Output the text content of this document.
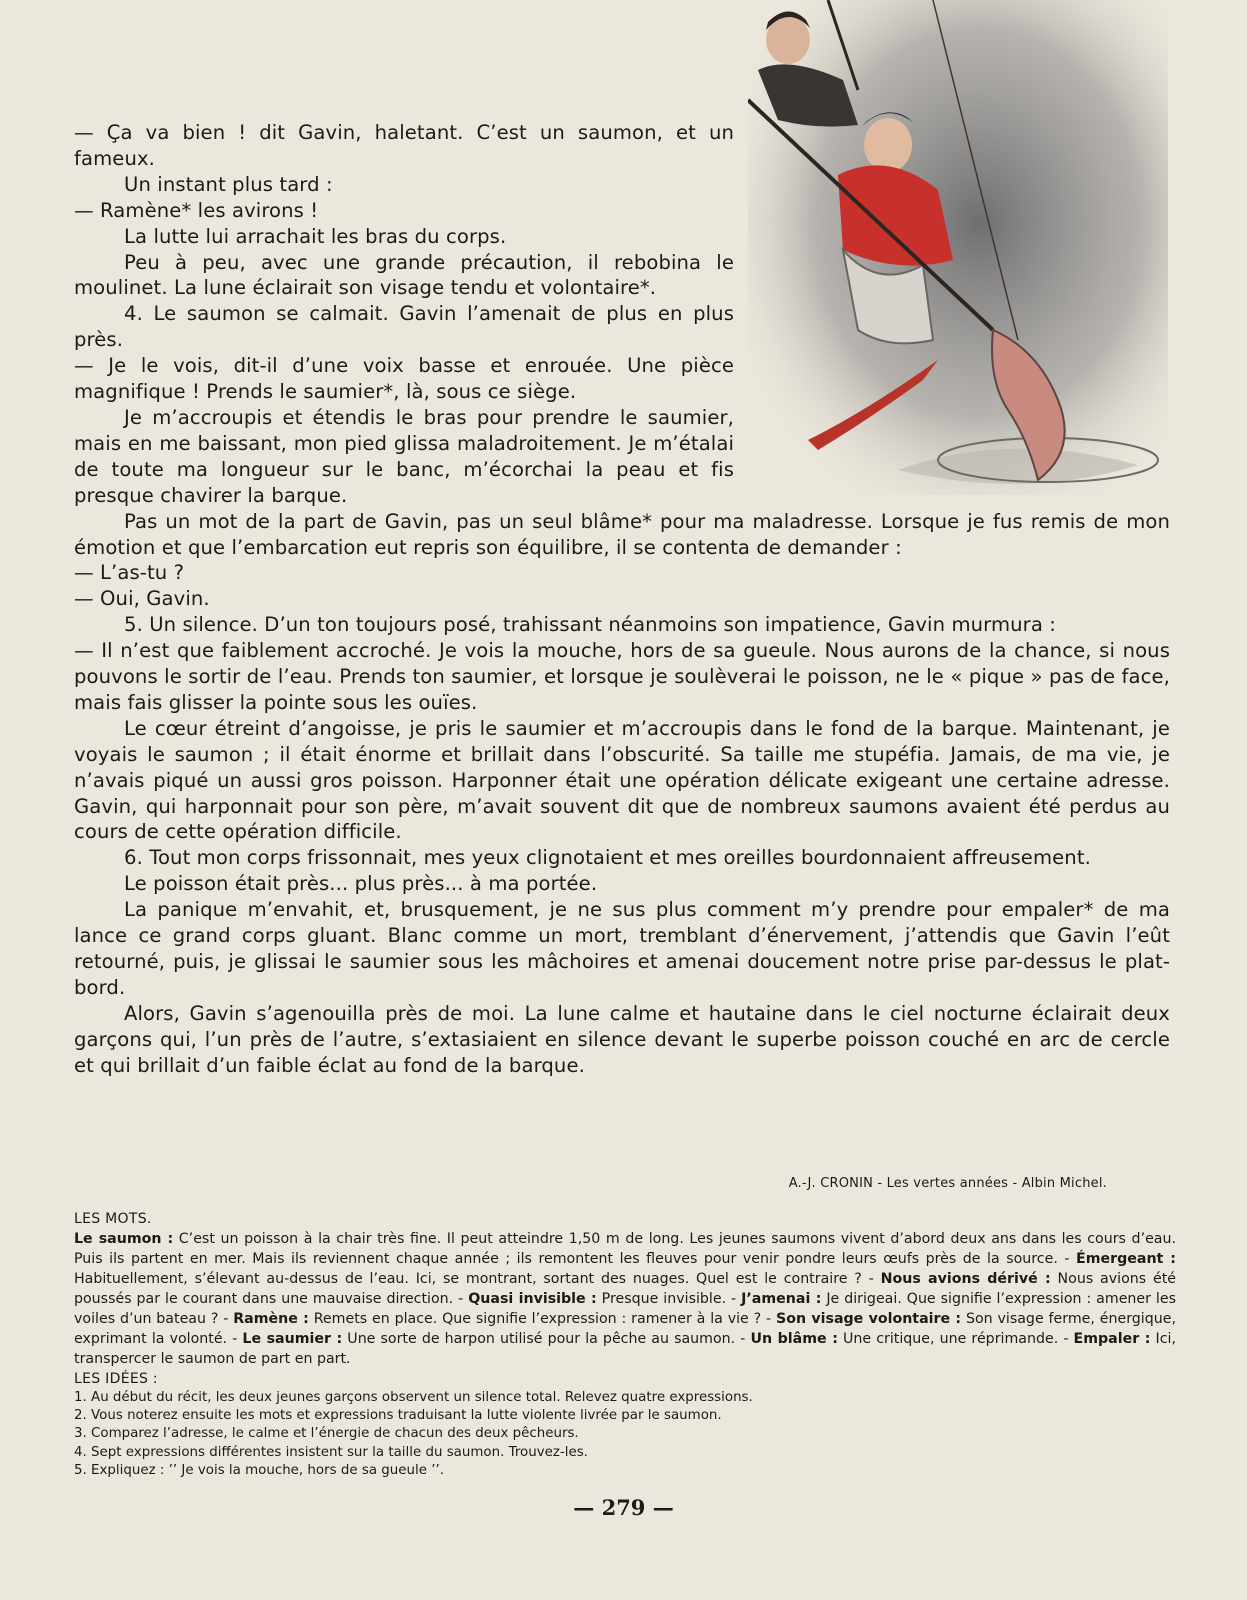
— Ça va bien ! dit Gavin, haletant. C’est un saumon, et un fameux.

Un instant plus tard :

— Ramène* les avirons !

La lutte lui arrachait les bras du corps.

Peu à peu, avec une grande précaution, il rebobina le moulinet. La lune éclairait son visage tendu et volontaire*.

4. Le saumon se calmait. Gavin l’amenait de plus en plus près.

— Je le vois, dit-il d’une voix basse et enrouée. Une pièce magnifique ! Prends le saumier*, là, sous ce siège.

Je m’accroupis et étendis le bras pour prendre le saumier, mais en me baissant, mon pied glissa maladroitement. Je m’étalai de toute ma longueur sur le banc, m’écorchai la peau et fis presque chavirer la barque.

Pas un mot de la part de Gavin, pas un seul blâme* pour ma maladresse. Lorsque je fus remis de mon émotion et que l’embarcation eut repris son équilibre, il se contenta de demander :

— L’as-tu ?

— Oui, Gavin.

5. Un silence. D’un ton toujours posé, trahissant néanmoins son impatience, Gavin murmura :

— Il n’est que faiblement accroché. Je vois la mouche, hors de sa gueule. Nous aurons de la chance, si nous pouvons le sortir de l’eau. Prends ton saumier, et lorsque je soulèverai le poisson, ne le « pique » pas de face, mais fais glisser la pointe sous les ouïes.

Le cœur étreint d’angoisse, je pris le saumier et m’accroupis dans le fond de la barque. Maintenant, je voyais le saumon ; il était énorme et brillait dans l’obscurité. Sa taille me stupéfia. Jamais, de ma vie, je n’avais piqué un aussi gros poisson. Harponner était une opération délicate exigeant une certaine adresse. Gavin, qui harponnait pour son père, m’avait souvent dit que de nombreux saumons avaient été perdus au cours de cette opération difficile.

6. Tout mon corps frissonnait, mes yeux clignotaient et mes oreilles bourdonnaient affreusement.

Le poisson était près... plus près... à ma portée.

La panique m’envahit, et, brusquement, je ne sus plus comment m’y prendre pour empaler* de ma lance ce grand corps gluant. Blanc comme un mort, tremblant d’énervement, j’attendis que Gavin l’eût retourné, puis, je glissai le saumier sous les mâchoires et amenai doucement notre prise par-dessus le plat-bord.

Alors, Gavin s’agenouilla près de moi. La lune calme et hautaine dans le ciel nocturne éclairait deux garçons qui, l’un près de l’autre, s’extasiaient en silence devant le superbe poisson couché en arc de cercle et qui brillait d’un faible éclat au fond de la barque.

A.-J. CRONIN - Les vertes années - Albin Michel.

LES MOTS.

Le saumon : C’est un poisson à la chair très fine. Il peut atteindre 1,50 m de long. Les jeunes saumons vivent d’abord deux ans dans les cours d’eau. Puis ils partent en mer. Mais ils reviennent chaque année ; ils remontent les fleuves pour venir pondre leurs œufs près de la source. - Émergeant : Habituellement, s’élevant au-dessus de l’eau. Ici, se montrant, sortant des nuages. Quel est le contraire ? - Nous avions dérivé : Nous avions été poussés par le courant dans une mauvaise direction. - Quasi invisible : Presque invisible. - J’amenai : Je dirigeai. Que signifie l’expression : amener les voiles d’un bateau ? - Ramène : Remets en place. Que signifie l’expression : ramener à la vie ? - Son visage volontaire : Son visage ferme, énergique, exprimant la volonté. - Le saumier : Une sorte de harpon utilisé pour la pêche au saumon. - Un blâme : Une critique, une réprimande. - Empaler : Ici, transpercer le saumon de part en part.

LES IDÉES :

1. Au début du récit, les deux jeunes garçons observent un silence total. Relevez quatre expressions.

2. Vous noterez ensuite les mots et expressions traduisant la lutte violente livrée par le saumon.

3. Comparez l’adresse, le calme et l’énergie de chacun des deux pêcheurs.

4. Sept expressions différentes insistent sur la taille du saumon. Trouvez-les.

5. Expliquez : ’’ Je vois la mouche, hors de sa gueule ’’.

— 279 —
